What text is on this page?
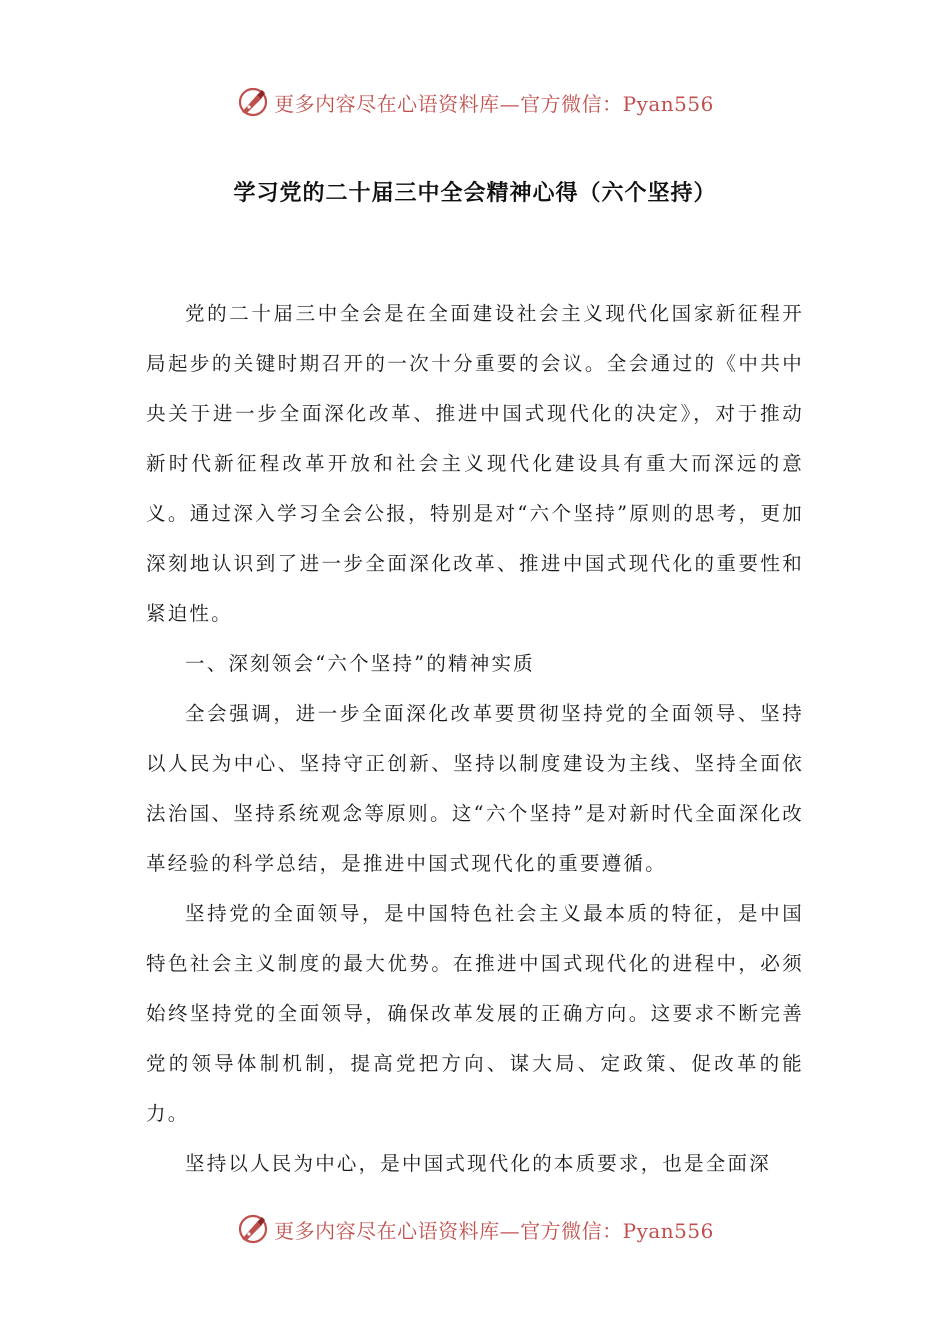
更多内容尽在心语资料库—官方微信：Pyan556
学习党的二十届三中全会精神心得（六个坚持）

党的二十届三中全会是在全面建设社会主义现代化国家新征程开局起步的关键时期召开的一次十分重要的会议。全会通过的《中共中央关于进一步全面深化改革、推进中国式现代化的决定》，对于推动新时代新征程改革开放和社会主义现代化建设具有重大而深远的意义。通过深入学习全会公报，特别是对“六个坚持”原则的思考，更加深刻地认识到了进一步全面深化改革、推进中国式现代化的重要性和紧迫性。

一、深刻领会“六个坚持”的精神实质

全会强调，进一步全面深化改革要贯彻坚持党的全面领导、坚持以人民为中心、坚持守正创新、坚持以制度建设为主线、坚持全面依法治国、坚持系统观念等原则。这“六个坚持”是对新时代全面深化改革经验的科学总结，是推进中国式现代化的重要遵循。

坚持党的全面领导，是中国特色社会主义最本质的特征，是中国特色社会主义制度的最大优势。在推进中国式现代化的进程中，必须始终坚持党的全面领导，确保改革发展的正确方向。这要求不断完善党的领导体制机制，提高党把方向、谋大局、定政策、促改革的能力。

坚持以人民为中心，是中国式现代化的本质要求，也是全面深

更多内容尽在心语资料库—官方微信：Pyan556
